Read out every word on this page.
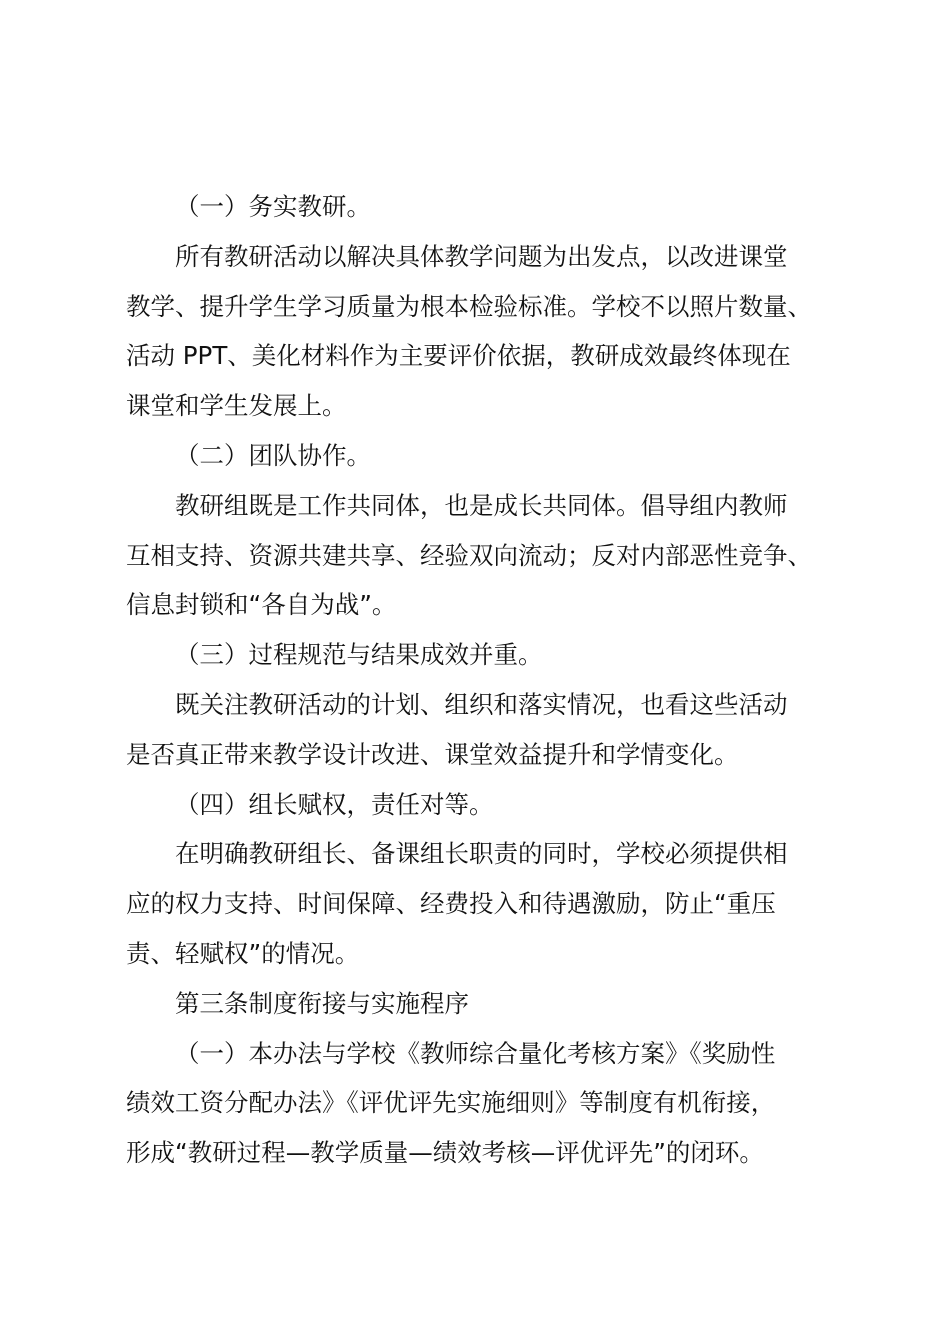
（一）务实教研。
所有教研活动以解决具体教学问题为出发点，以改进课堂
教学、提升学生学习质量为根本检验标准。学校不以照片数量、
活动 PPT、美化材料作为主要评价依据，教研成效最终体现在
课堂和学生发展上。
（二）团队协作。
教研组既是工作共同体，也是成长共同体。倡导组内教师
互相支持、资源共建共享、经验双向流动；反对内部恶性竞争、
信息封锁和“各自为战”。
（三）过程规范与结果成效并重。
既关注教研活动的计划、组织和落实情况，也看这些活动
是否真正带来教学设计改进、课堂效益提升和学情变化。
（四）组长赋权，责任对等。
在明确教研组长、备课组长职责的同时，学校必须提供相
应的权力支持、时间保障、经费投入和待遇激励，防止“重压
责、轻赋权”的情况。
第三条制度衔接与实施程序
（一）本办法与学校《教师综合量化考核方案》《奖励性
绩效工资分配办法》《评优评先实施细则》等制度有机衔接，
形成“教研过程—教学质量—绩效考核—评优评先”的闭环。
